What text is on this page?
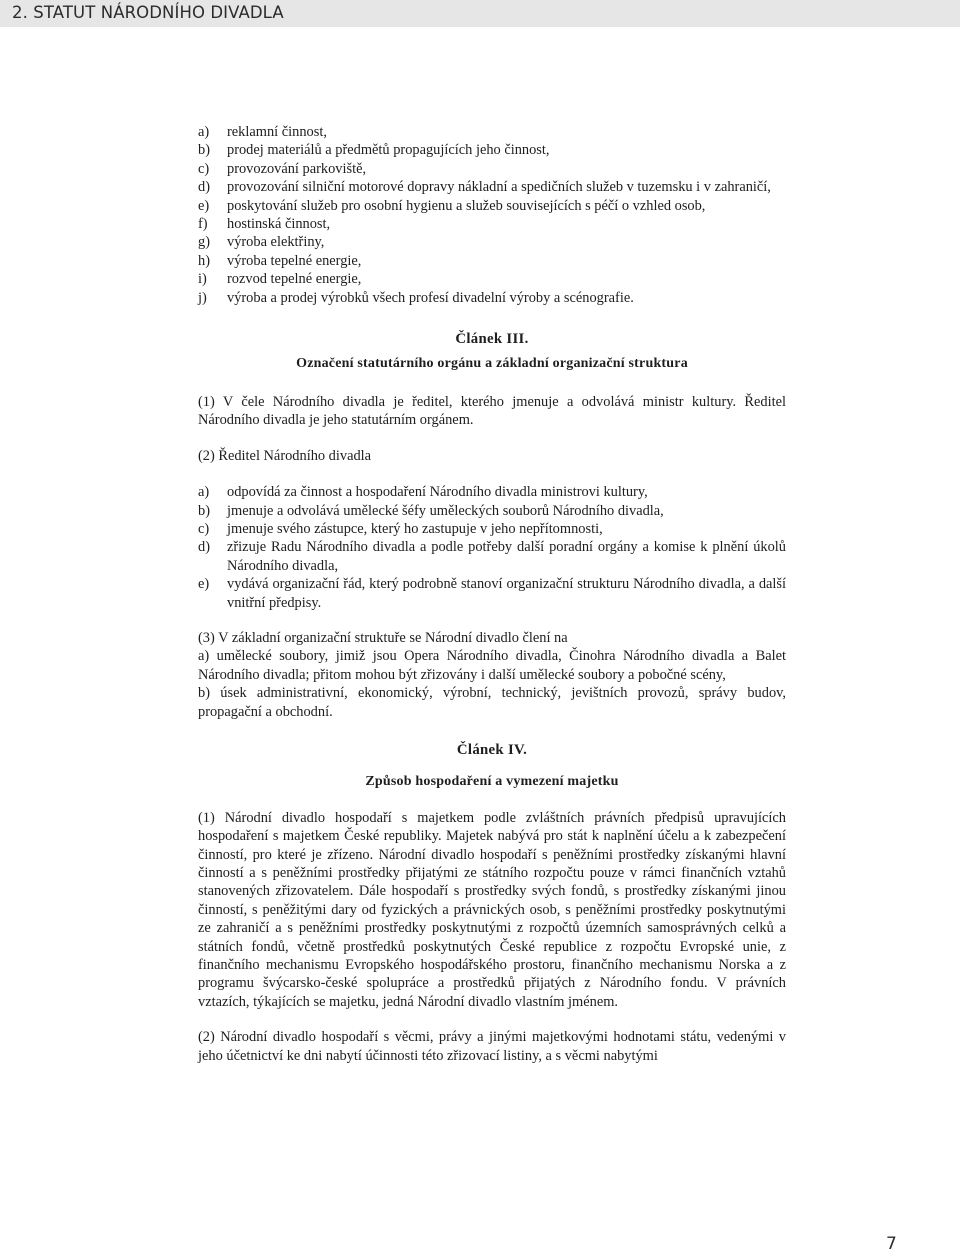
2. STATUT NÁRODNÍHO DIVADLA
a) reklamní činnost,
b) prodej materiálů a předmětů propagujících jeho činnost,
c) provozování parkoviště,
d) provozování silniční motorové dopravy nákladní a spedičních služeb v tuzemsku i v zahraničí,
e) poskytování služeb pro osobní hygienu a služeb souvisejících s péčí o vzhled osob,
f) hostinská činnost,
g) výroba elektřiny,
h) výroba tepelné energie,
i) rozvod tepelné energie,
j) výroba a prodej výrobků všech profesí divadelní výroby a scénografie.
Článek III.
Označení statutárního orgánu a základní organizační struktura

(1) V čele Národního divadla je ředitel, kterého jmenuje a odvolává ministr kultury. Ředitel Národního divadla je jeho statutárním orgánem.

(2) Ředitel Národního divadla

a) odpovídá za činnost a hospodaření Národního divadla ministrovi kultury,
b) jmenuje a odvolává umělecké šéfy uměleckých souborů Národního divadla,
c) jmenuje svého zástupce, který ho zastupuje v jeho nepřítomnosti,
d) zřizuje Radu Národního divadla a podle potřeby další poradní orgány a komise k plnění úkolů Národního divadla,
e) vydává organizační řád, který podrobně stanoví organizační strukturu Národního divadla, a další vnitřní předpisy.

(3) V základní organizační struktuře se Národní divadlo člení na

a) umělecké soubory, jimiž jsou Opera Národního divadla, Činohra Národního divadla a Balet Národního divadla; přitom mohou být zřizovány i další umělecké soubory a pobočné scény,

b) úsek administrativní, ekonomický, výrobní, technický, jevištních provozů, správy budov, propagační a obchodní.

Článek IV.
Způsob hospodaření a vymezení majetku

(1) Národní divadlo hospodaří s majetkem podle zvláštních právních předpisů upravujících hospodaření s majetkem České republiky. Majetek nabývá pro stát k naplnění účelu a k zabezpečení činností, pro které je zřízeno. Národní divadlo hospodaří s peněžními prostředky získanými hlavní činností a s peněžními prostředky přijatými ze státního rozpočtu pouze v rámci finančních vztahů stanovených zřizovatelem. Dále hospodaří s prostředky svých fondů, s prostředky získanými jinou činností, s peněžitými dary od fyzických a právnických osob, s peněžními prostředky poskytnutými ze zahraničí a s peněžními prostředky poskytnutými z rozpočtů územních samosprávných celků a státních fondů, včetně prostředků poskytnutých České republice z rozpočtu Evropské unie, z finančního mechanismu Evropského hospodářského prostoru, finančního mechanismu Norska a z programu švýcarsko-české spolupráce a prostředků přijatých z Národního fondu. V právních vztazích, týkajících se majetku, jedná Národní divadlo vlastním jménem.

(2) Národní divadlo hospodaří s věcmi, právy a jinými majetkovými hodnotami státu, vedenými v jeho účetnictví ke dni nabytí účinnosti této zřizovací listiny, a s věcmi nabytými

7
